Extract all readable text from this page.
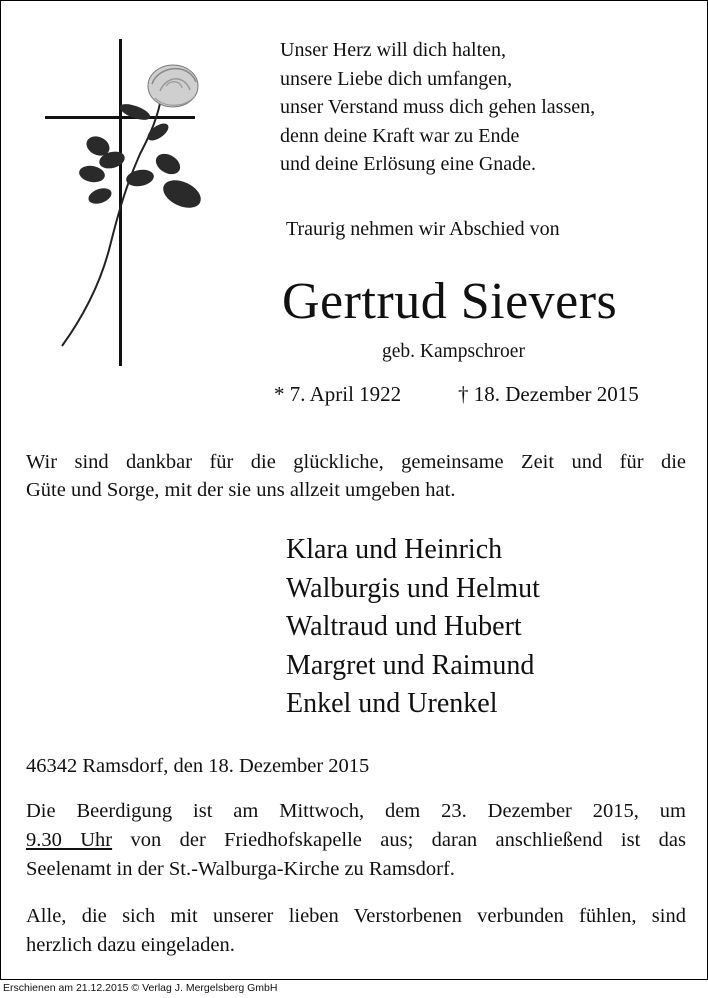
Unser Herz will dich halten,
unsere Liebe dich umfangen,
unser Verstand muss dich gehen lassen,
denn deine Kraft war zu Ende
und deine Erlösung eine Gnade.
Traurig nehmen wir Abschied von
Gertrud Sievers
geb. Kampschroer
* 7. April 1922	† 18. Dezember 2015
Wir sind dankbar für die glückliche, gemeinsame Zeit und für die
Güte und Sorge, mit der sie uns allzeit umgeben hat.
Klara und Heinrich
Walburgis und Helmut
Waltraud und Hubert
Margret und Raimund
Enkel und Urenkel
46342 Ramsdorf, den 18. Dezember 2015
Die Beerdigung ist am Mittwoch, dem 23. Dezember 2015, um
9.30 Uhr von der Friedhofskapelle aus; daran anschließend ist das
Seelenamt in der St.-Walburga-Kirche zu Ramsdorf.
Alle, die sich mit unserer lieben Verstorbenen verbunden fühlen, sind
herzlich dazu eingeladen.
Erschienen am 21.12.2015 © Verlag J. Mergelsberg GmbH
